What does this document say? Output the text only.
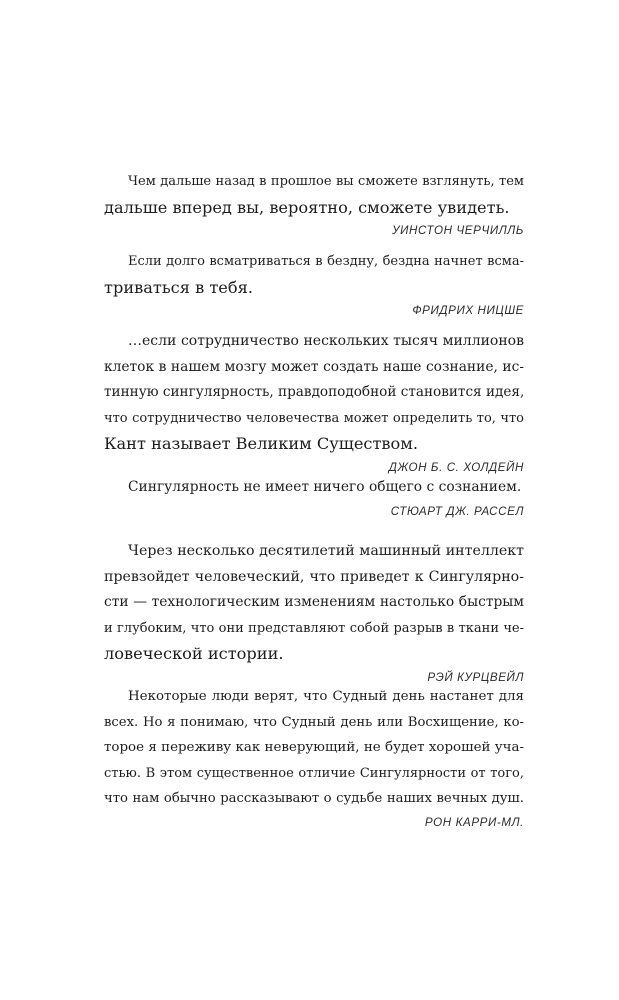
Чем дальше назад в прошлое вы сможете взглянуть, тем

дальше вперед вы, вероятно, сможете увидеть.

УИНСТОН ЧЕРЧИЛЛЬ

Если долго всматриваться в бездну, бездна начнет всма-

триваться в тебя.

ФРИДРИХ НИЦШЕ

…если сотрудничество нескольких тысяч миллионов

клеток в нашем мозгу может создать наше сознание, ис-

тинную сингулярность, правдоподобной становится идея,

что сотрудничество человечества может определить то, что

Кант называет Великим Существом.

ДЖОН Б. С. ХОЛДЕЙН

Сингулярность не имеет ничего общего с сознанием.

СТЮАРТ ДЖ. РАССЕЛ

Через несколько десятилетий машинный интеллект

превзойдет человеческий, что приведет к Сингулярно-

сти — технологическим изменениям настолько быстрым

и глубоким, что они представляют собой разрыв в ткани че-

ловеческой истории.

РЭЙ КУРЦВЕЙЛ

Некоторые люди верят, что Судный день настанет для

всех. Но я понимаю, что Судный день или Восхищение, ко-

торое я переживу как неверующий, не будет хорошей уча-

стью. В этом существенное отличие Сингулярности от того,

что нам обычно рассказывают о судьбе наших вечных душ.

РОН КАРРИ-МЛ.
